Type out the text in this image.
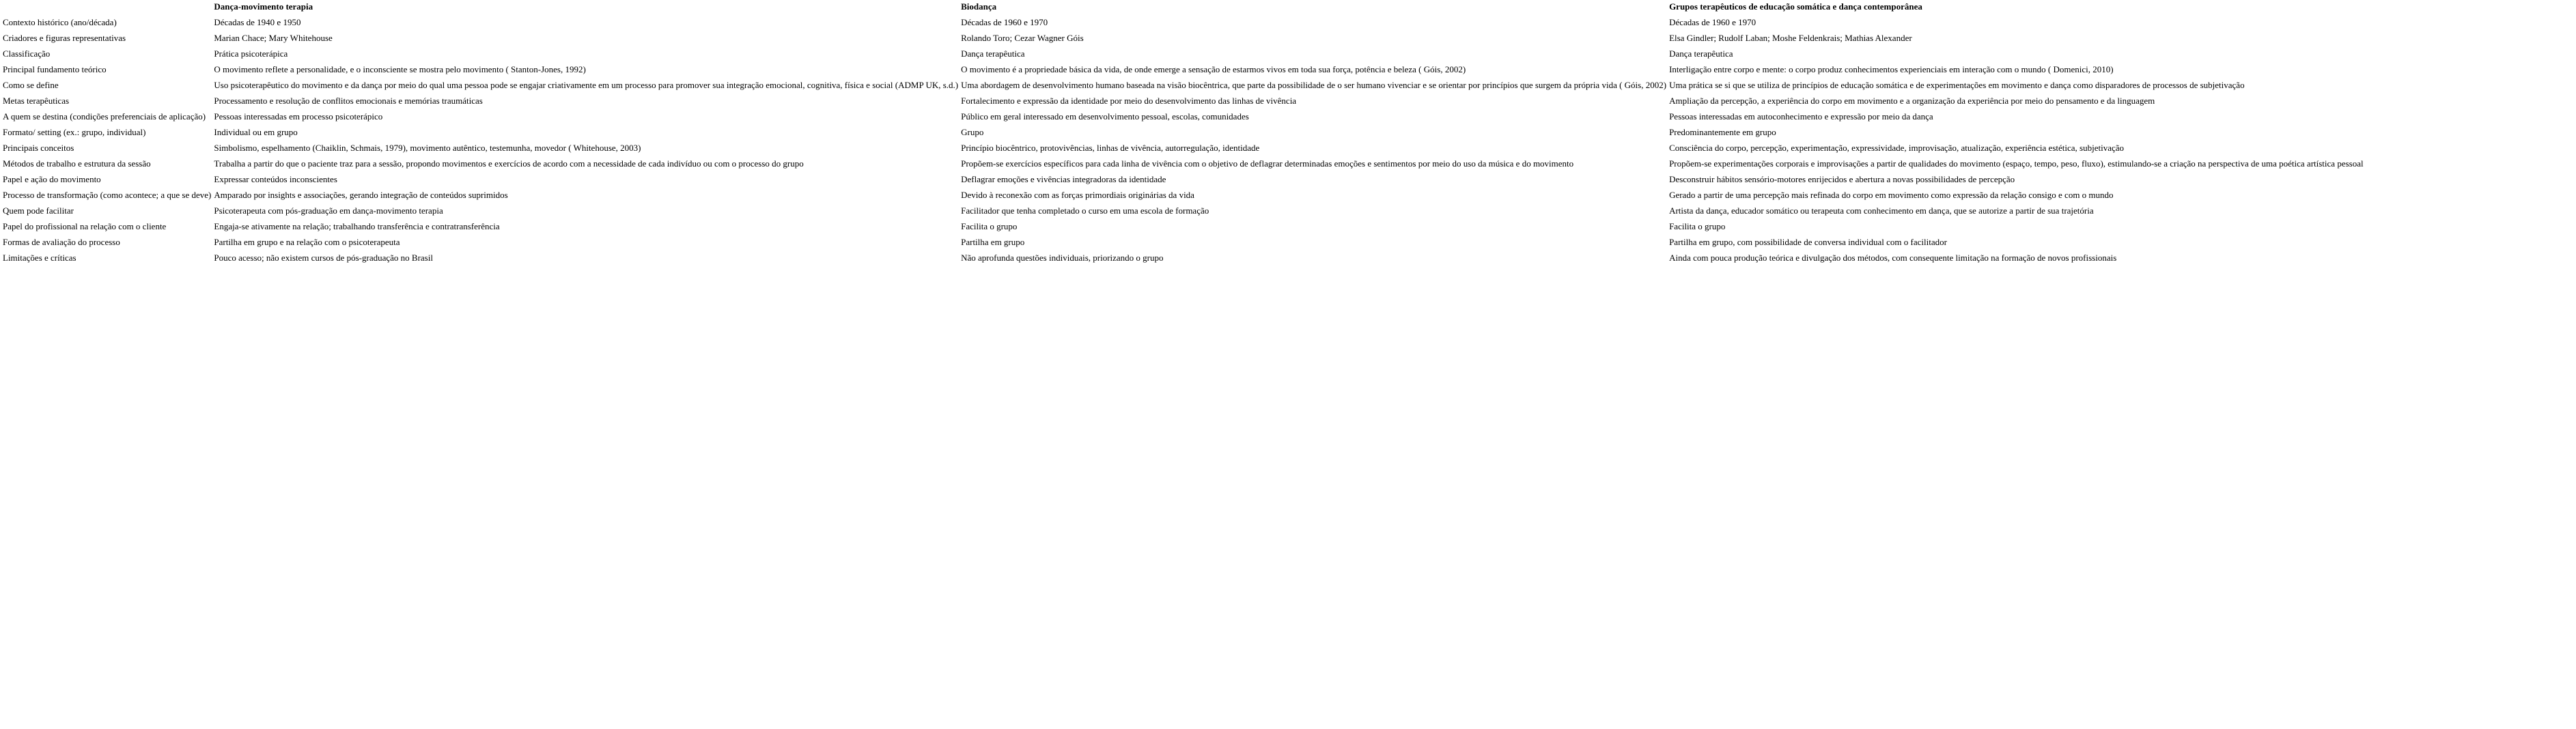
	Dança-movimento terapia	Biodança	Grupos terapêuticos de educação somática e dança contemporânea
Contexto histórico (ano/década)	Décadas de 1940 e 1950	Décadas de 1960 e 1970	Décadas de 1960 e 1970
Criadores e figuras representativas	Marian Chace; Mary Whitehouse	Rolando Toro; Cezar Wagner Góis	Elsa Gindler; Rudolf Laban; Moshe Feldenkrais; Mathias Alexander
Classificação	Prática psicoterápica	Dança terapêutica	Dança terapêutica
Principal fundamento teórico	O movimento reflete a personalidade, e o inconsciente se mostra pelo movimento ( Stanton-Jones, 1992)	O movimento é a propriedade básica da vida, de onde emerge a sensação de estarmos vivos em toda sua força, potência e beleza ( Góis, 2002)	Interligação entre corpo e mente: o corpo produz conhecimentos experienciais em interação com o mundo ( Domenici, 2010)
Como se define	Uso psicoterapêutico do movimento e da dança por meio do qual uma pessoa pode se engajar criativamente em um processo para promover sua integração emocional, cognitiva, física e social (ADMP UK, s.d.)	Uma abordagem de desenvolvimento humano baseada na visão biocêntrica, que parte da possibilidade de o ser humano vivenciar e se orientar por princípios que surgem da própria vida ( Góis, 2002)	Uma prática se si que se utiliza de princípios de educação somática e de experimentações em movimento e dança como disparadores de processos de subjetivação
Metas terapêuticas	Processamento e resolução de conflitos emocionais e memórias traumáticas	Fortalecimento e expressão da identidade por meio do desenvolvimento das linhas de vivência	Ampliação da percepção, a experiência do corpo em movimento e a organização da experiência por meio do pensamento e da linguagem
A quem se destina (condições preferenciais de aplicação)	Pessoas interessadas em processo psicoterápico	Público em geral interessado em desenvolvimento pessoal, escolas, comunidades	Pessoas interessadas em autoconhecimento e expressão por meio da dança
Formato/ setting (ex.: grupo, individual)	Individual ou em grupo	Grupo	Predominantemente em grupo
Principais conceitos	Simbolismo, espelhamento (Chaiklin, Schmais, 1979), movimento autêntico, testemunha, movedor ( Whitehouse, 2003)	Princípio biocêntrico, protovivências, linhas de vivência, autorregulação, identidade	Consciência do corpo, percepção, experimentação, expressividade, improvisação, atualização, experiência estética, subjetivação
Métodos de trabalho e estrutura da sessão	Trabalha a partir do que o paciente traz para a sessão, propondo movimentos e exercícios de acordo com a necessidade de cada indivíduo ou com o processo do grupo	Propõem-se exercícios específicos para cada linha de vivência com o objetivo de deflagrar determinadas emoções e sentimentos por meio do uso da música e do movimento	Propõem-se experimentações corporais e improvisações a partir de qualidades do movimento (espaço, tempo, peso, fluxo), estimulando-se a criação na perspectiva de uma poética artística pessoal
Papel e ação do movimento	Expressar conteúdos inconscientes	Deflagrar emoções e vivências integradoras da identidade	Desconstruir hábitos sensório-motores enrijecidos e abertura a novas possibilidades de percepção
Processo de transformação (como acontece; a que se deve)	Amparado por insights e associações, gerando integração de conteúdos suprimidos	Devido à reconexão com as forças primordiais originárias da vida	Gerado a partir de uma percepção mais refinada do corpo em movimento como expressão da relação consigo e com o mundo
Quem pode facilitar	Psicoterapeuta com pós-graduação em dança-movimento terapia	Facilitador que tenha completado o curso em uma escola de formação	Artista da dança, educador somático ou terapeuta com conhecimento em dança, que se autorize a partir de sua trajetória
Papel do profissional na relação com o cliente	Engaja-se ativamente na relação; trabalhando transferência e contratransferência	Facilita o grupo	Facilita o grupo
Formas de avaliação do processo	Partilha em grupo e na relação com o psicoterapeuta	Partilha em grupo	Partilha em grupo, com possibilidade de conversa individual com o facilitador
Limitações e críticas	Pouco acesso; não existem cursos de pós-graduação no Brasil	Não aprofunda questões individuais, priorizando o grupo	Ainda com pouca produção teórica e divulgação dos métodos, com consequente limitação na formação de novos profissionais
